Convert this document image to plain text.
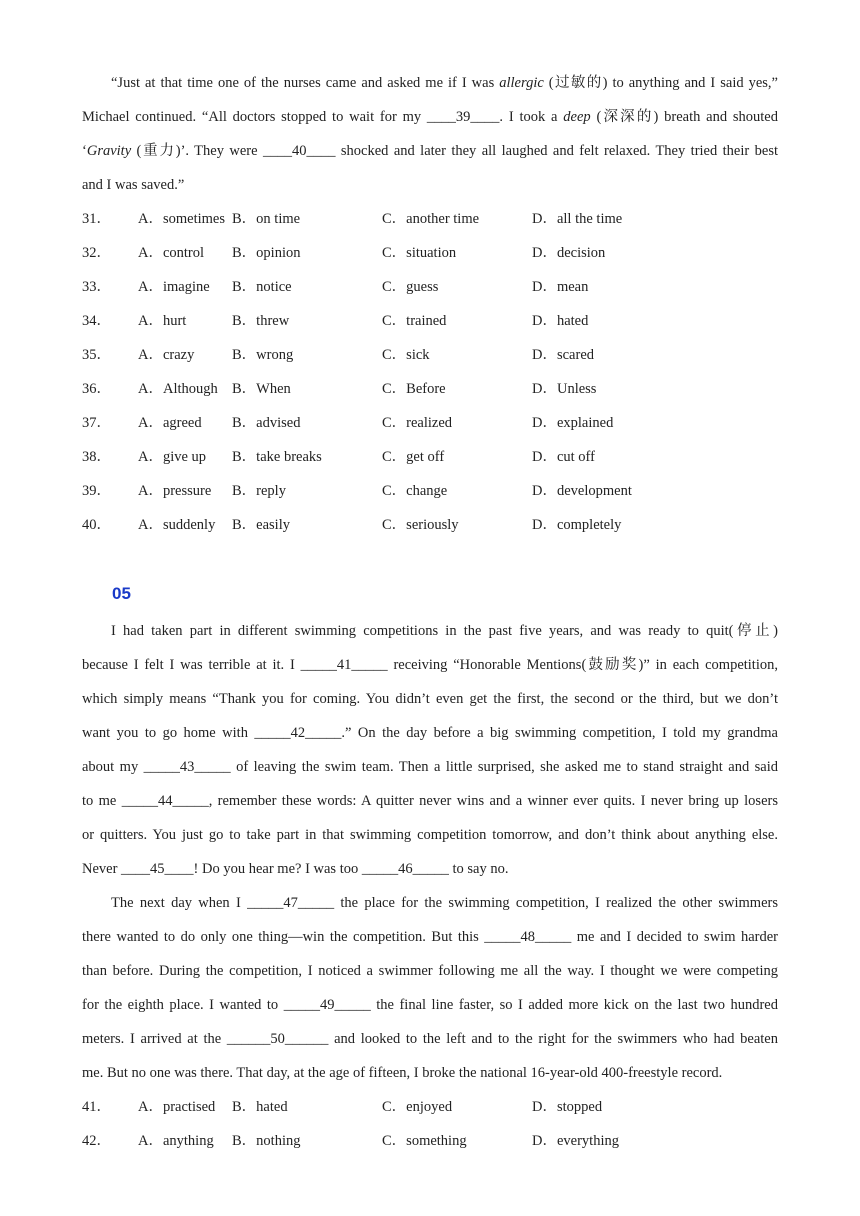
“Just at that time one of the nurses came and asked me if I was allergic (过敏的) to anything and I said yes,”
Michael continued. “All doctors stopped to wait for my ____39____. I took a deep (深深的) breath and shouted
‘Gravity (重力)’. They were ____40____ shocked and later they all laughed and felt relaxed. They tried their best
and I was saved.”

31．	A．sometimes B．on time	C．another time	D．all the time
32．	A．control	B．opinion	C．situation	D．decision
33．	A．imagine	B．notice	C．guess	D．mean
34．	A．hurt	B．threw	C．trained	D．hated
35．	A．crazy	B．wrong	C．sick	D．scared
36．	A．Although B．When	C．Before	D．Unless
37．	A．agreed	B．advised	C．realized	D．explained
38．	A．give up	B．take breaks	C．get off	D．cut off
39．	A．pressure	B．reply	C．change	D．development
40．	A．suddenly	B．easily	C．seriously	D．completely
05

I had taken part in different swimming competitions in the past five years, and was ready to quit(停止)
because I felt I was terrible at it. I _____41_____ receiving “Honorable Mentions(鼓励奖)” in each competition,
which simply means “Thank you for coming. You didn’t even get the first, the second or the third, but we don’t
want you to go home with _____42_____.” On the day before a big swimming competition, I told my grandma
about my _____43_____ of leaving the swim team. Then a little surprised, she asked me to stand straight and said
to me _____44_____, remember these words: A quitter never wins and a winner ever quits. I never bring up losers
or quitters. You just go to take part in that swimming competition tomorrow, and don’t think about anything else.
Never ____45____! Do you hear me? I was too _____46_____ to say no.

The next day when I _____47_____ the place for the swimming competition, I realized the other swimmers
there wanted to do only one thing—win the competition. But this _____48_____ me and I decided to swim harder
than before. During the competition, I noticed a swimmer following me all the way. I thought we were competing
for the eighth place. I wanted to _____49_____ the final line faster, so I added more kick on the last two hundred
meters. I arrived at the ______50______ and looked to the left and to the right for the swimmers who had beaten
me. But no one was there. That day, at the age of fifteen, I broke the national 16-year-old 400-freestyle record.

41．	A．practised	B．hated	C．enjoyed	D．stopped
42．	A．anything	B．nothing	C．something	D．everything
